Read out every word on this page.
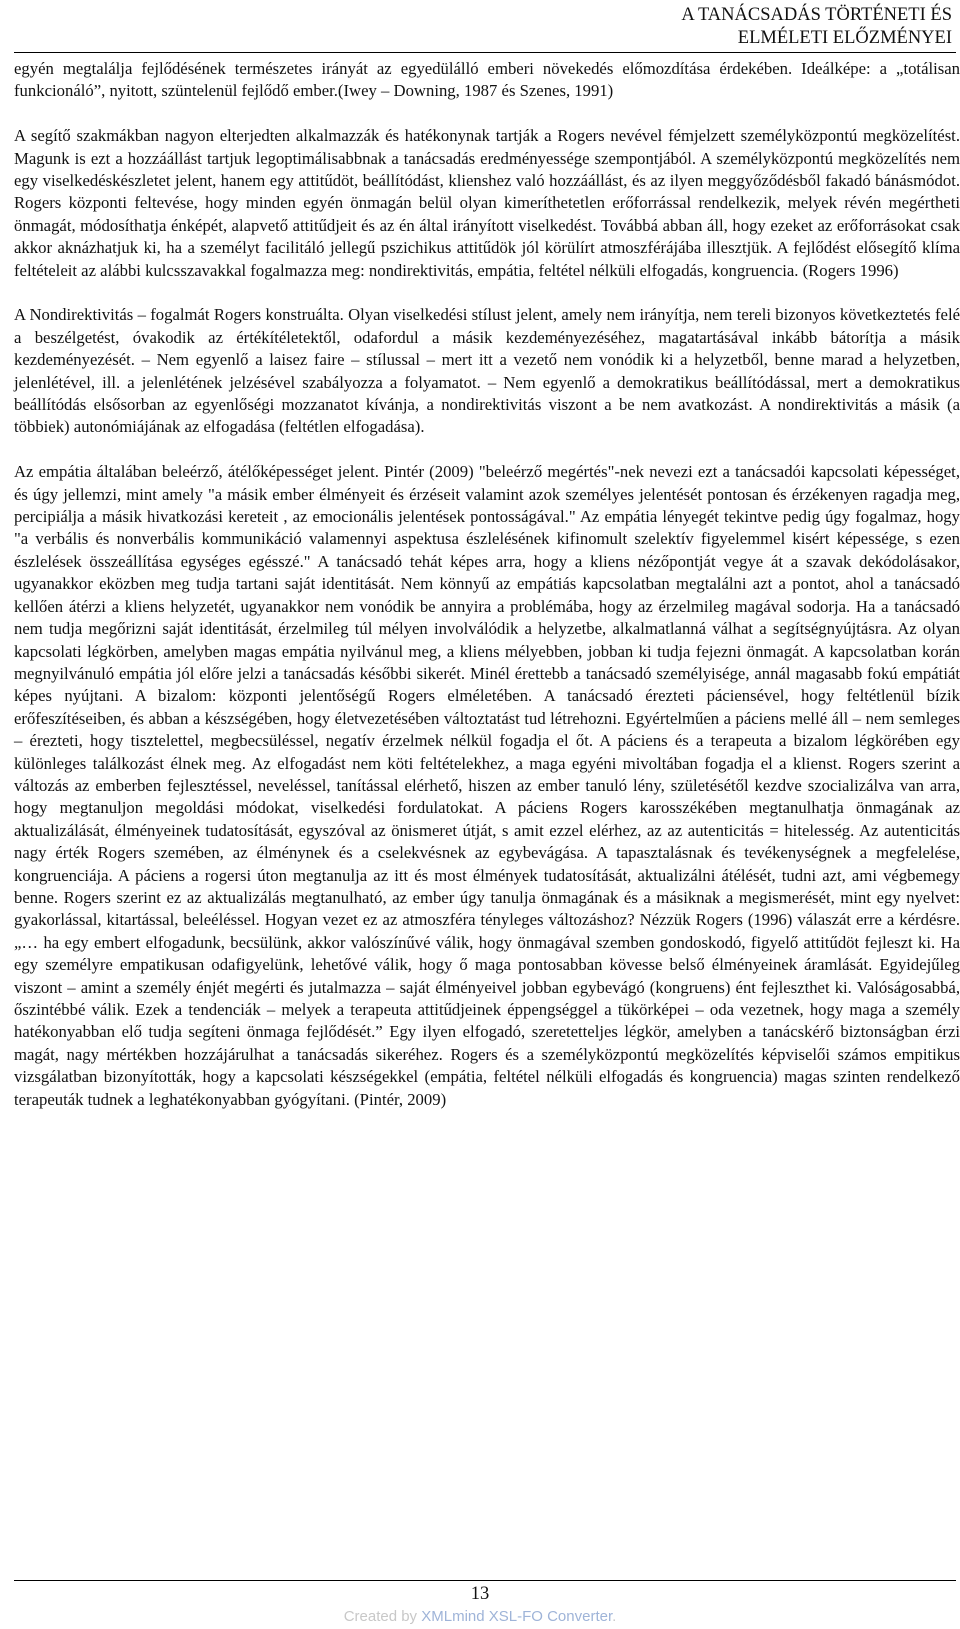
A TANÁCSADÁS TÖRTÉNETI ÉS
ELMÉLETI ELŐZMÉNYEI

egyén megtalálja fejlődésének természetes irányát az egyedülálló emberi növekedés előmozdítása érdekében. Ideálképe: a „totálisan funkcionáló”, nyitott, szüntelenül fejlődő ember.(Iwey – Downing, 1987 és Szenes, 1991)

A segítő szakmákban nagyon elterjedten alkalmazzák és hatékonynak tartják a Rogers nevével fémjelzett személyközpontú megközelítést. Magunk is ezt a hozzáállást tartjuk legoptimálisabbnak a tanácsadás eredményessége szempontjából. A személyközpontú megközelítés nem egy viselkedéskészletet jelent, hanem egy attitűdöt, beállítódást, klienshez való hozzáállást, és az ilyen meggyőződésből fakadó bánásmódot. Rogers központi feltevése, hogy minden egyén önmagán belül olyan kimeríthetetlen erőforrással rendelkezik, melyek révén megértheti önmagát, módosíthatja énképét, alapvető attitűdjeit és az én által irányított viselkedést. Továbbá abban áll, hogy ezeket az erőforrásokat csak akkor aknázhatjuk ki, ha a személyt facilitáló jellegű pszichikus attitűdök jól körülírt atmoszférájába illesztjük. A fejlődést elősegítő klíma feltételeit az alábbi kulcsszavakkal fogalmazza meg: nondirektivitás, empátia, feltétel nélküli elfogadás, kongruencia. (Rogers 1996)

A Nondirektivitás – fogalmát Rogers konstruálta. Olyan viselkedési stílust jelent, amely nem irányítja, nem tereli bizonyos következtetés felé a beszélgetést, óvakodik az értékítéletektől, odafordul a másik kezdeményezéséhez, magatartásával inkább bátorítja a másik kezdeményezését. – Nem egyenlő a laisez faire – stílussal – mert itt a vezető nem vonódik ki a helyzetből, benne marad a helyzetben, jelenlétével, ill. a jelenlétének jelzésével szabályozza a folyamatot. – Nem egyenlő a demokratikus beállítódással, mert a demokratikus beállítódás elsősorban az egyenlőségi mozzanatot kívánja, a nondirektivitás viszont a be nem avatkozást. A nondirektivitás a másik (a többiek) autonómiájának az elfogadása (feltétlen elfogadása).

Az empátia általában beleérző, átélőképességet jelent. Pintér (2009) "beleérző megértés"-nek nevezi ezt a tanácsadói kapcsolati képességet, és úgy jellemzi, mint amely "a másik ember élményeit és érzéseit valamint azok személyes jelentését pontosan és érzékenyen ragadja meg, percipiálja a másik hivatkozási kereteit , az emocionális jelentések pontosságával." Az empátia lényegét tekintve pedig úgy fogalmaz, hogy "a verbális és nonverbális kommunikáció valamennyi aspektusa észlelésének kifinomult szelektív figyelemmel kisért képessége, s ezen észlelések összeállítása egységes egésszé." A tanácsadó tehát képes arra, hogy a kliens nézőpontját vegye át a szavak dekódolásakor, ugyanakkor eközben meg tudja tartani saját identitását. Nem könnyű az empátiás kapcsolatban megtalálni azt a pontot, ahol a tanácsadó kellően átérzi a kliens helyzetét, ugyanakkor nem vonódik be annyira a problémába, hogy az érzelmileg magával sodorja. Ha a tanácsadó nem tudja megőrizni saját identitását, érzelmileg túl mélyen involválódik a helyzetbe, alkalmatlanná válhat a segítségnyújtásra. Az olyan kapcsolati légkörben, amelyben magas empátia nyilvánul meg, a kliens mélyebben, jobban ki tudja fejezni önmagát. A kapcsolatban korán megnyilvánuló empátia jól előre jelzi a tanácsadás későbbi sikerét. Minél érettebb a tanácsadó személyisége, annál magasabb fokú empátiát képes nyújtani. A bizalom: központi jelentőségű Rogers elméletében. A tanácsadó érezteti páciensével, hogy feltétlenül bízik erőfeszítéseiben, és abban a készségében, hogy életvezetésében változtatást tud létrehozni. Egyértelműen a páciens mellé áll – nem semleges – érezteti, hogy tisztelettel, megbecsüléssel, negatív érzelmek nélkül fogadja el őt. A páciens és a terapeuta a bizalom légkörében egy különleges találkozást élnek meg. Az elfogadást nem köti feltételekhez, a maga egyéni mivoltában fogadja el a klienst. Rogers szerint a változás az emberben fejlesztéssel, neveléssel, tanítással elérhető, hiszen az ember tanuló lény, születésétől kezdve szocializálva van arra, hogy megtanuljon megoldási módokat, viselkedési fordulatokat. A páciens Rogers karosszékében megtanulhatja önmagának az aktualizálását, élményeinek tudatosítását, egyszóval az önismeret útját, s amit ezzel elérhez, az az autenticitás = hitelesség. Az autenticitás nagy érték Rogers szemében, az élménynek és a cselekvésnek az egybevágása. A tapasztalásnak és tevékenységnek a megfelelése, kongruenciája. A páciens a rogersi úton megtanulja az itt és most élmények tudatosítását, aktualizálni átélését, tudni azt, ami végbemegy benne. Rogers szerint ez az aktualizálás megtanulható, az ember úgy tanulja önmagának és a másiknak a megismerését, mint egy nyelvet: gyakorlással, kitartással, beleéléssel. Hogyan vezet ez az atmoszféra tényleges változáshoz? Nézzük Rogers (1996) válaszát erre a kérdésre. „… ha egy embert elfogadunk, becsülünk, akkor valószínűvé válik, hogy önmagával szemben gondoskodó, figyelő attitűdöt fejleszt ki. Ha egy személyre empatikusan odafigyelünk, lehetővé válik, hogy ő maga pontosabban kövesse belső élményeinek áramlását. Egyidejűleg viszont – amint a személy énjét megérti és jutalmazza – saját élményeivel jobban egybevágó (kongruens) ént fejleszthet ki. Valóságosabbá, őszintébbé válik. Ezek a tendenciák – melyek a terapeuta attitűdjeinek éppengséggel a tükörképei – oda vezetnek, hogy maga a személy hatékonyabban elő tudja segíteni önmaga fejlődését.” Egy ilyen elfogadó, szeretetteljes légkör, amelyben a tanácskérő biztonságban érzi magát, nagy mértékben hozzájárulhat a tanácsadás sikeréhez. Rogers és a személyközpontú megközelítés képviselői számos empitikus vizsgálatban bizonyították, hogy a kapcsolati készségekkel (empátia, feltétel nélküli elfogadás és kongruencia) magas szinten rendelkező terapeuták tudnek a leghatékonyabban gyógyítani. (Pintér, 2009)

13
Created by XMLmind XSL-FO Converter.
